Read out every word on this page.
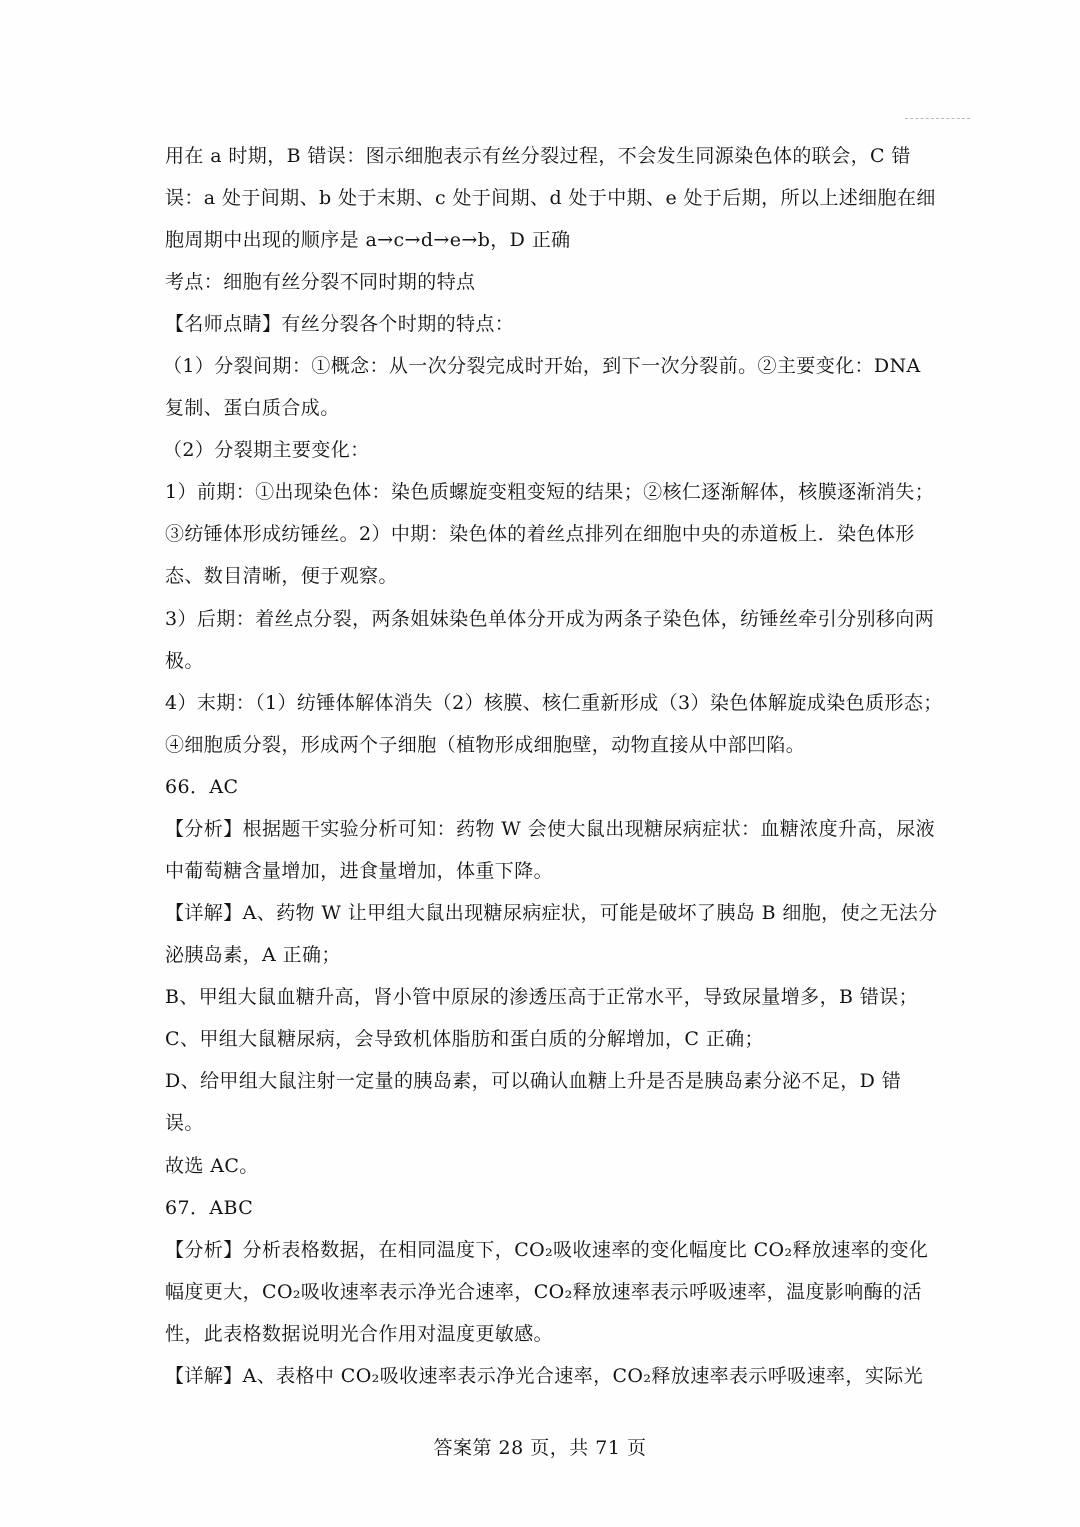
用在 a 时期，B 错误：图示细胞表示有丝分裂过程，不会发生同源染色体的联会，C 错
误：a 处于间期、b 处于末期、c 处于间期、d 处于中期、e 处于后期，所以上述细胞在细
胞周期中出现的顺序是 a→c→d→e→b，D 正确
考点：细胞有丝分裂不同时期的特点
【名师点睛】有丝分裂各个时期的特点：
（1）分裂间期：①概念：从一次分裂完成时开始，到下一次分裂前。②主要变化：DNA
复制、蛋白质合成。
（2）分裂期主要变化：
1）前期：①出现染色体：染色质螺旋变粗变短的结果；②核仁逐渐解体，核膜逐渐消失；
③纺锤体形成纺锤丝。2）中期：染色体的着丝点排列在细胞中央的赤道板上．染色体形
态、数目清晰，便于观察。
3）后期：着丝点分裂，两条姐妹染色单体分开成为两条子染色体，纺锤丝牵引分别移向两
极。
4）末期：（1）纺锤体解体消失（2）核膜、核仁重新形成（3）染色体解旋成染色质形态；
④细胞质分裂，形成两个子细胞（植物形成细胞壁，动物直接从中部凹陷。
66．AC
【分析】根据题干实验分析可知：药物 W 会使大鼠出现糖尿病症状：血糖浓度升高，尿液
中葡萄糖含量增加，进食量增加，体重下降。
【详解】A、药物 W 让甲组大鼠出现糖尿病症状，可能是破坏了胰岛 B 细胞，使之无法分
泌胰岛素，A 正确；
B、甲组大鼠血糖升高，肾小管中原尿的渗透压高于正常水平，导致尿量增多，B 错误；
C、甲组大鼠糖尿病，会导致机体脂肪和蛋白质的分解增加，C 正确；
D、给甲组大鼠注射一定量的胰岛素，可以确认血糖上升是否是胰岛素分泌不足，D 错
误。
故选 AC。
67．ABC
【分析】分析表格数据，在相同温度下，CO₂吸收速率的变化幅度比 CO₂释放速率的变化
幅度更大，CO₂吸收速率表示净光合速率，CO₂释放速率表示呼吸速率，温度影响酶的活
性，此表格数据说明光合作用对温度更敏感。
【详解】A、表格中 CO₂吸收速率表示净光合速率，CO₂释放速率表示呼吸速率，实际光
答案第 28 页，共 71 页
